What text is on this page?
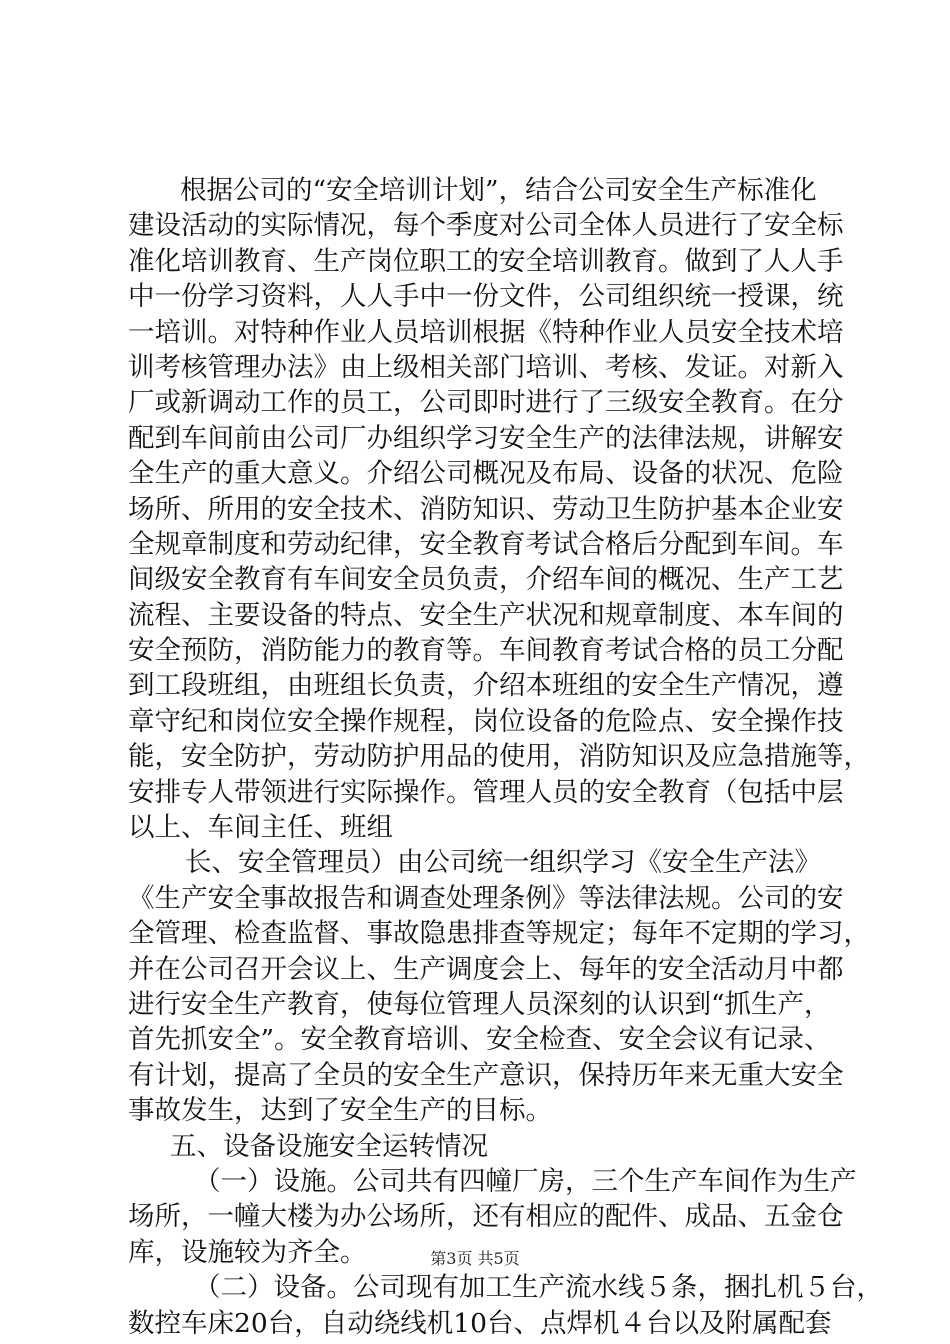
根据公司的“安全培训计划”，结合公司安全生产标准化
建设活动的实际情况，每个季度对公司全体人员进行了安全标
准化培训教育、生产岗位职工的安全培训教育。做到了人人手
中一份学习资料，人人手中一份文件，公司组织统一授课，统
一培训。对特种作业人员培训根据《特种作业人员安全技术培
训考核管理办法》由上级相关部门培训、考核、发证。对新入
厂或新调动工作的员工，公司即时进行了三级安全教育。在分
配到车间前由公司厂办组织学习安全生产的法律法规，讲解安
全生产的重大意义。介绍公司概况及布局、设备的状况、危险
场所、所用的安全技术、消防知识、劳动卫生防护基本企业安
全规章制度和劳动纪律，安全教育考试合格后分配到车间。车
间级安全教育有车间安全员负责，介绍车间的概况、生产工艺
流程、主要设备的特点、安全生产状况和规章制度、本车间的
安全预防，消防能力的教育等。车间教育考试合格的员工分配
到工段班组，由班组长负责，介绍本班组的安全生产情况，遵
章守纪和岗位安全操作规程，岗位设备的危险点、安全操作技
能，安全防护，劳动防护用品的使用，消防知识及应急措施等，
安排专人带领进行实际操作。管理人员的安全教育（包括中层
以上、车间主任、班组
长、安全管理员）由公司统一组织学习《安全生产法》
《生产安全事故报告和调查处理条例》等法律法规。公司的安
全管理、检查监督、事故隐患排查等规定；每年不定期的学习，
并在公司召开会议上、生产调度会上、每年的安全活动月中都
进行安全生产教育，使每位管理人员深刻的认识到“抓生产，
首先抓安全”。安全教育培训、安全检查、安全会议有记录、
有计划，提高了全员的安全生产意识，保持历年来无重大安全
事故发生，达到了安全生产的目标。
五、设备设施安全运转情况
（一）设施。公司共有四幢厂房，三个生产车间作为生产
场所，一幢大楼为办公场所，还有相应的配件、成品、五金仓
库，设施较为齐全。
（二）设备。公司现有加工生产流水线５条，捆扎机５台，
数控车床20台，自动绕线机10台、点焊机４台以及附属配套
第3页 共5页
